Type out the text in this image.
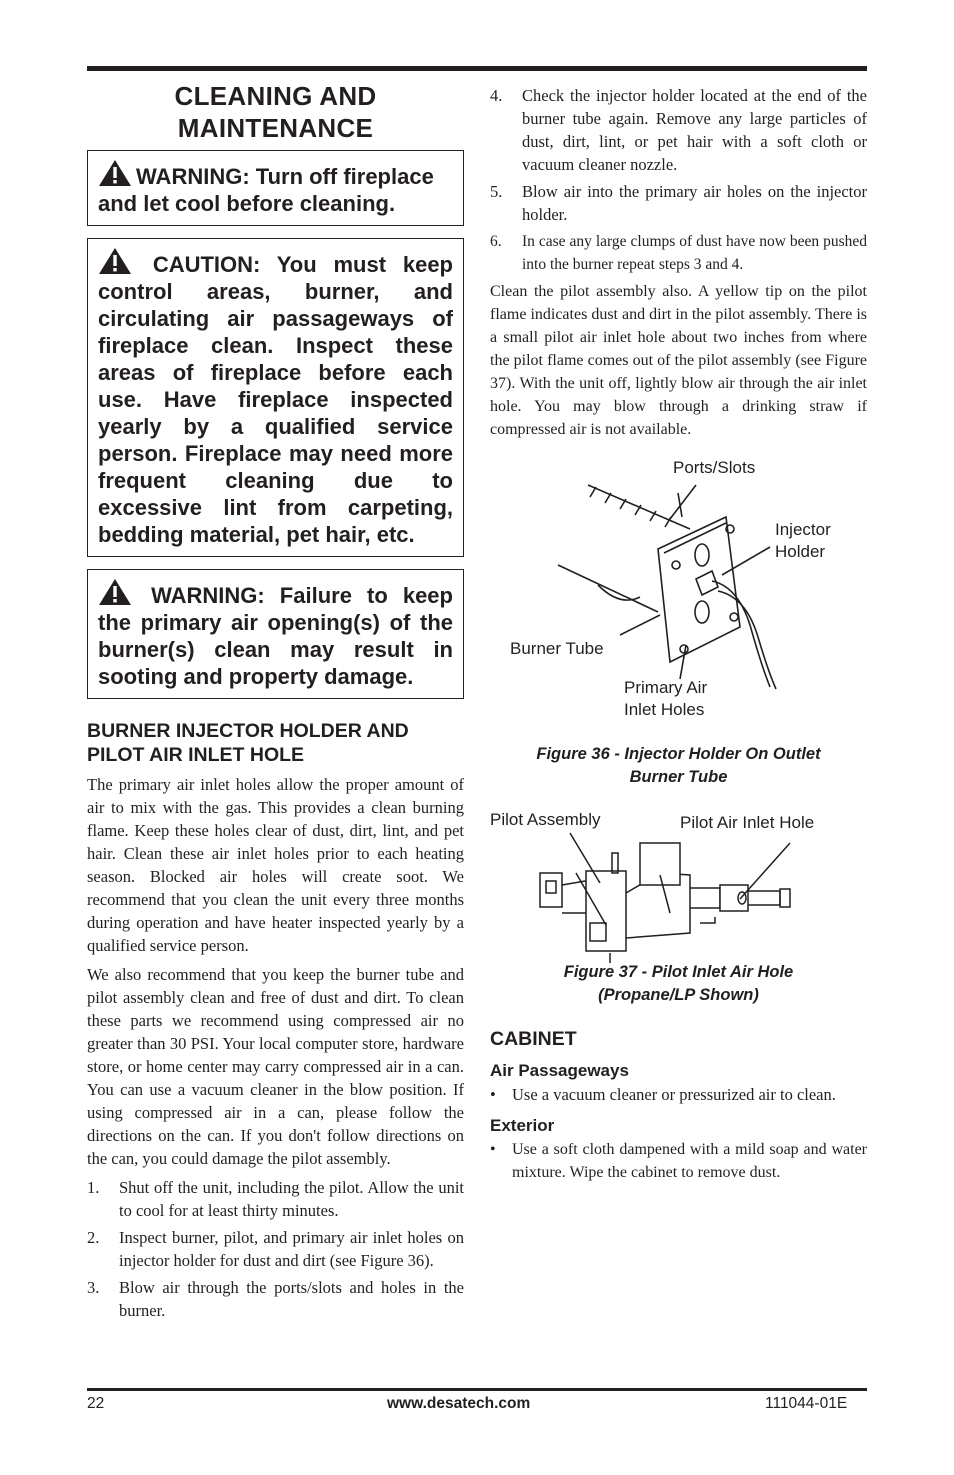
CLEANING AND
MAINTENANCE
WARNING: Turn off fireplace and let cool before cleaning.
CAUTION: You must keep control areas, burner, and circulating air passageways of fireplace clean. Inspect these areas of fireplace before each use. Have fireplace inspected yearly by a qualified service person. Fireplace may need more frequent cleaning due to excessive lint from carpeting, bedding material, pet hair, etc.
WARNING: Failure to keep the primary air opening(s) of the burner(s) clean may result in sooting and property damage.
BURNER INJECTOR HOLDER AND PILOT AIR INLET HOLE

The primary air inlet holes allow the proper amount of air to mix with the gas. This provides a clean burning flame. Keep these holes clear of dust, dirt, lint, and pet hair. Clean these air inlet holes prior to each heating season. Blocked air holes will create soot. We recommend that you clean the unit every three months during operation and have heater inspected yearly by a qualified service person.

We also recommend that you keep the burner tube and pilot assembly clean and free of dust and dirt. To clean these parts we recommend using compressed air no greater than 30 PSI. Your local computer store, hardware store, or home center may carry compressed air in a can. You can use a vacuum cleaner in the blow position. If using compressed air in a can, please follow the directions on the can. If you don't follow directions on the can, you could damage the pilot assembly.

1. Shut off the unit, including the pilot. Allow the unit to cool for at least thirty minutes.
2. Inspect burner, pilot, and primary air inlet holes on injector holder for dust and dirt (see Figure 36).
3. Blow air through the ports/slots and holes in the burner.
4. Check the injector holder located at the end of the burner tube again. Remove any large particles of dust, dirt, lint, or pet hair with a soft cloth or vacuum cleaner nozzle.
5. Blow air into the primary air holes on the injector holder.
6. In case any large clumps of dust have now been pushed into the burner repeat steps 3 and 4.

Clean the pilot assembly also. A yellow tip on the pilot flame indicates dust and dirt in the pilot assembly. There is a small pilot air inlet hole about two inches from where the pilot flame comes out of the pilot assembly (see Figure 37). With the unit off, lightly blow air through the air inlet hole. You may blow through a drinking straw if compressed air is not available.

Ports/Slots
Injector
Holder
Burner Tube
Primary Air
Inlet Holes
Figure 36 - Injector Holder On Outlet
Burner Tube
Pilot Assembly	Pilot Air Inlet Hole
Figure 37 - Pilot Inlet Air Hole
(Propane/LP Shown)
CABINET
Air Passageways
• Use a vacuum cleaner or pressurized air to clean.
Exterior
• Use a soft cloth dampened with a mild soap and water mixture. Wipe the cabinet to remove dust.
22	www.desatech.com	111044-01E
